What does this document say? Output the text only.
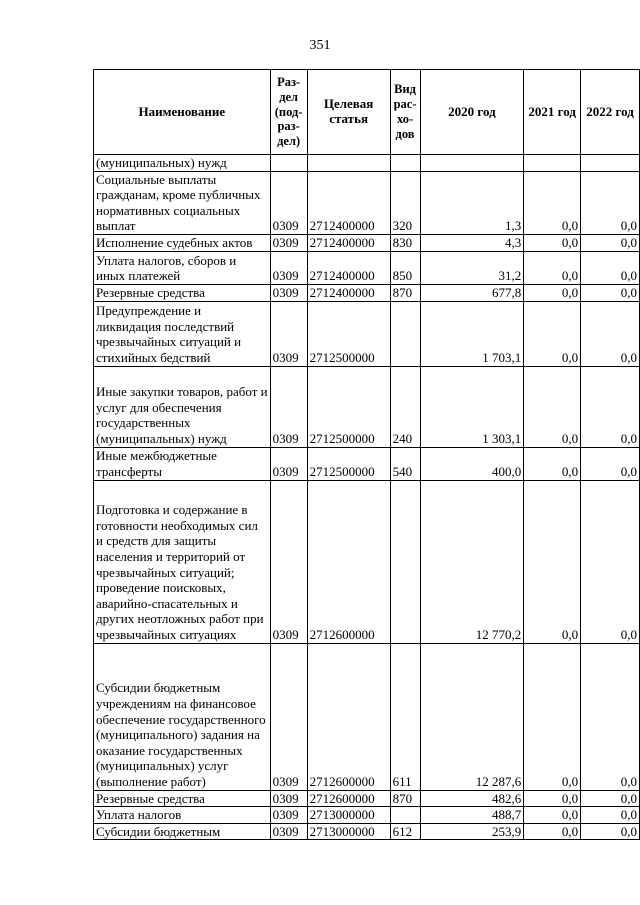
351
Наименование	Раз-
дел
(под-
раз-
дел)	Целевая
статья	Вид
рас-
хо-
дов	2020 год	2021 год	2022 год
(муниципальных) нужд						
Социальные выплаты гражданам, кроме публичных нормативных социальных выплат	0309	2712400000	320	1,3	0,0	0,0
Исполнение судебных актов	0309	2712400000	830	4,3	0,0	0,0
Уплата налогов, сборов и иных платежей	0309	2712400000	850	31,2	0,0	0,0
Резервные средства	0309	2712400000	870	677,8	0,0	0,0
Предупреждение и ликвидация последствий чрезвычайных ситуаций и стихийных бедствий	0309	2712500000		1 703,1	0,0	0,0
Иные закупки товаров, работ и услуг для обеспечения государственных (муниципальных) нужд	0309	2712500000	240	1 303,1	0,0	0,0
Иные межбюджетные трансферты	0309	2712500000	540	400,0	0,0	0,0
Подготовка и содержание в готовности необходимых сил и средств для защиты населения и территорий от чрезвычайных ситуаций; проведение поисковых, аварийно-спасательных и других неотложных работ при чрезвычайных ситуациях	0309	2712600000		12 770,2	0,0	0,0
Субсидии бюджетным учреждениям на финансовое обеспечение государственного (муниципального) задания на оказание государственных (муниципальных) услуг (выполнение работ)	0309	2712600000	611	12 287,6	0,0	0,0
Резервные средства	0309	2712600000	870	482,6	0,0	0,0
Уплата налогов	0309	2713000000		488,7	0,0	0,0
Субсидии бюджетным	0309	2713000000	612	253,9	0,0	0,0
